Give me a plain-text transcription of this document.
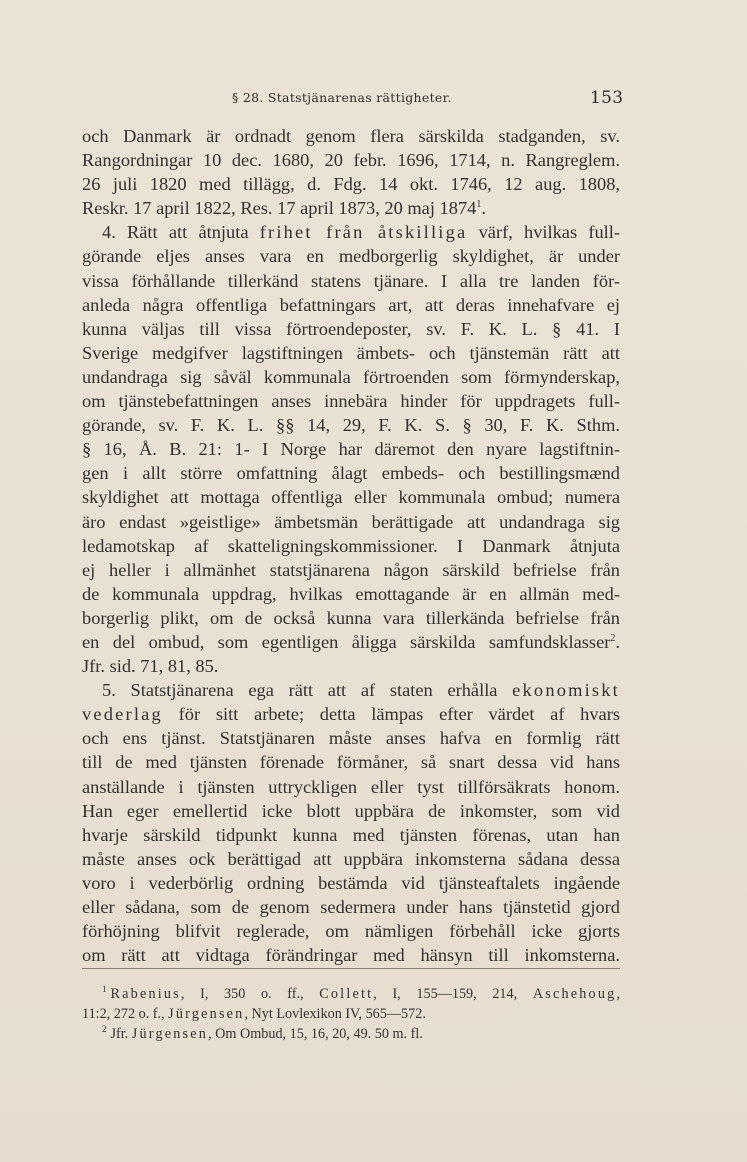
§ 28. Statstjänarenas rättigheter.	153
och Danmark är ordnadt genom flera särskilda stadganden, sv.
Rangordningar 10 dec. 1680, 20 febr. 1696, 1714, n. Rangreglem.
26 juli 1820 med tillägg, d. Fdg. 14 okt. 1746, 12 aug. 1808,
Reskr. 17 april 1822, Res. 17 april 1873, 20 maj 1874$^1$.
4. Rätt att åtnjuta frihet från åtskilliga värf, hvilkas full-
görande eljes anses vara en medborgerlig skyldighet, är under
vissa förhållande tillerkänd statens tjänare. I alla tre landen för-
anleda några offentliga befattningars art, att deras innehafvare ej
kunna väljas till vissa förtroendeposter, sv. F. K. L. § 41. I
Sverige medgifver lagstiftningen ämbets- och tjänstemän rätt att
undandraga sig såväl kommunala förtroenden som förmynderskap,
om tjänstebefattningen anses innebära hinder för uppdragets full-
görande, sv. F. K. L. §§ 14, 29, F. K. S. § 30, F. K. Sthm.
§ 16, Å. B. 21: 1- I Norge har däremot den nyare lagstiftnin-
gen i allt större omfattning ålagt embeds- och bestillingsmænd
skyldighet att mottaga offentliga eller kommunala ombud; numera
äro endast »geistlige» ämbetsmän berättigade att undandraga sig
ledamotskap af skatteligningskommissioner. I Danmark åtnjuta
ej heller i allmänhet statstjänarena någon särskild befrielse från
de kommunala uppdrag, hvilkas emottagande är en allmän med-
borgerlig plikt, om de också kunna vara tillerkända befrielse från
en del ombud, som egentligen åligga särskilda samfundsklasser$^2$.
Jfr. sid. 71, 81, 85.
5. Statstjänarena ega rätt att af staten erhålla ekonomiskt
vederlag för sitt arbete; detta lämpas efter värdet af hvars
och ens tjänst. Statstjänaren måste anses hafva en formlig rätt
till de med tjänsten förenade förmåner, så snart dessa vid hans
anställande i tjänsten uttryckligen eller tyst tillförsäkrats honom.
Han eger emellertid icke blott uppbära de inkomster, som vid
hvarje särskild tidpunkt kunna med tjänsten förenas, utan han
måste anses ock berättigad att uppbära inkomsterna sådana dessa
voro i vederbörlig ordning bestämda vid tjänsteaftalets ingående
eller sådana, som de genom sedermera under hans tjänstetid gjord
förhöjning blifvit reglerade, om nämligen förbehåll icke gjorts
om rätt att vidtaga förändringar med hänsyn till inkomsterna.
$^1$ Rabenius, I, 350 o. ff., Collett, I, 155—159, 214, Aschehoug,
11:2, 272 o. f., Jürgensen, Nyt Lovlexikon IV, 565—572.
$^2$ Jfr. Jürgensen, Om Ombud, 15, 16, 20, 49. 50 m. fl.
